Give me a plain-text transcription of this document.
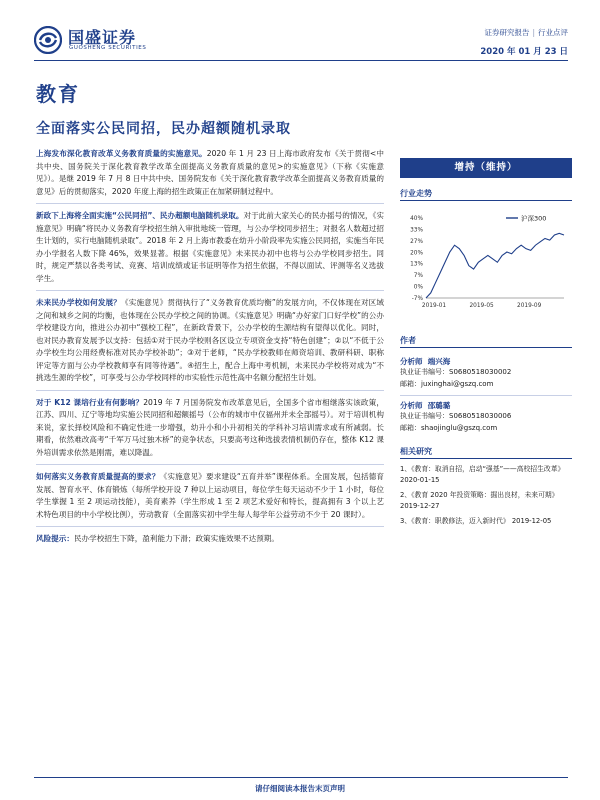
国盛证券
GUOSHENG SECURITIES
证券研究报告 | 行业点评
2020 年 01 月 23 日
教育
全面落实公民同招，民办超额随机录取

上海发布深化教育改革义务教育质量的实施意见。2020 年 1 月 23 日上海市政府发布《关于贯彻<中共中央、国务院关于深化教育教学改革全面提高义务教育质量的意见>的实施意见》（下称《实施意见》）。是继 2019 年 7 月 8 日中共中央、国务院发布《关于深化教育教学改革全面提高义务教育质量的意见》后的贯彻落实，2020 年度上海的招生政策正在加紧研制过程中。

新政下上海将全面实施“公民同招”、民办超额电脑随机录取。对于此前大家关心的民办摇号的情况，《实施意见》明确“将民办义务教育学校招生纳入审批地统一管理，与公办学校同步招生；对报名人数超过招生计划的，实行电脑随机录取”。2018 年 2 月上海市教委在幼升小阶段率先实施公民同招，实施当年民办小学报名人数下降 46%，效果显著。根据《实施意见》未来民办初中也将与公办学校同步招生。同时，规定严禁以各类考试、竞赛、培训成绩或证书证明等作为招生依据，不得以面试、评测等名义选拔学生。

未来民办学校如何发展？《实施意见》贯彻执行了“义务教育优质均衡”的发展方向，不仅体现在对区域之间和城乡之间的均衡，也体现在公民办学校之间的协调。《实施意见》明确“办好家门口好学校”的公办学校建设方向，推进公办初中“强校工程”，在新政背景下，公办学校的生源结构有望得以优化。同时，也对民办教育发展予以支持：包括①对于民办学校则各区设立专项资金支持“特色创建”；②以“不低于公办学校生均公用经费标准对民办学校补助”；③对于老师，“民办学校教师在师资培训、教研科研、职称评定等方面与公办学校教师享有同等待遇”。④招生上，配合上海中考机制，未来民办学校将对成为“不挑选生源的学校”，可享受与公办学校同样的市实验性示范性高中名额分配招生计划。

对于 K12 课培行业有何影响？2019 年 7 月国务院发布改革意见后，全国多个省市相继落实该政策，江苏、四川、辽宁等地均实施公民同招和超额摇号（公布的城市中仅福州并未全部摇号）。对于培训机构来说，家长择校风险和不确定性进一步增强，幼升小和小升初相关的学科补习培训需求或有所减弱。长期看，依然难改高考“千军万马过独木桥”的竞争状态，只要高考这种选拔表情机制仍存在，整体 K12 课外培训需求依然是刚需，难以降温。

如何落实义务教育质量提高的要求？《实施意见》要求建设“五育并举”课程体系。全面发展，包括德育发展、智育水平、体育锻炼（每所学校开设 7 种以上运动项目，每位学生每天运动不少于 1 小时，每位学生掌握 1 至 2 项运动技能），美育素养（学生形成 1 至 2 项艺术爱好和特长，提高拥有 3 个以上艺术特色项目的中小学校比例），劳动教育（全面落实初中学生每人每学年公益劳动不少于 20 课时）。

风险提示：民办学校招生下降，盈利能力下滑；政策实施效果不达预期。

增持（维持）
行业走势
40%
33%
27%
20%
13%
7%
0%
-7%
2019-01	2019-05	2019-09
沪深300
作者
分析师 端兴海
执业证书编号：S0680518030002
邮箱：juxinghai@gszq.com
分析师 邵璐璐
执业证书编号：S0680518030006
邮箱：shaojinglu@gszq.com
相关研究
1、《教育：取消自招，启动“强基”——高校招生改革》
2020-01-15
2、《教育 2020 年投资策略：掘出良材，未来可期》
2019-12-27
3、《教育：职教修法，迈入新时代》 2019-12-05
请仔细阅读本报告末页声明
